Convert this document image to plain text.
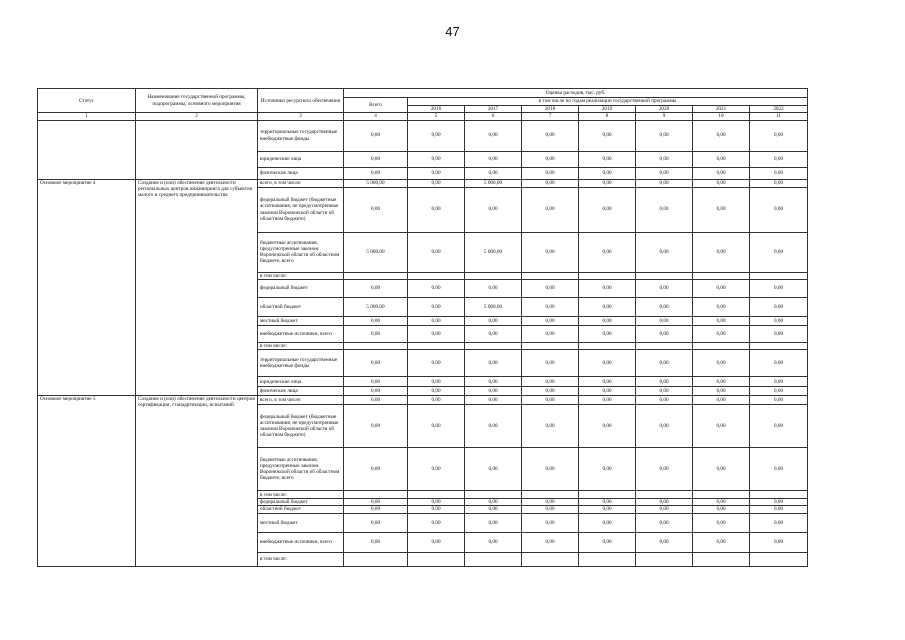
47
Статус	Наименование государственной программы, подпрограммы, основного мероприятия	Источники ресурсного обеспечения	Оценка расходов, тыс. руб.							
			Всего	в том числе по годам реализации государственной программы						
				2016	2017	2018	2019	2020	2021	2022
1	2	3	4	5	6	7	8	9	10	11
		территориальные государственные внебюджетные фонды	0,00	0,00	0,00	0,00	0,00	0,00	0,00	0,00
		юридические лица	0,00	0,00	0,00	0,00	0,00	0,00	0,00	0,00
		физические лица	0,00	0,00	0,00	0,00	0,00	0,00	0,00	0,00
Основное мероприятие 4	Создание и (или) обеспечение деятельности региональных центров инжиниринга для субъектов малого и среднего предпринимательства	всего, в том числе:	5 000,00	0,00	5 000,00	0,00	0,00	0,00	0,00	0,00
		федеральный бюджет (бюджетные ассигнования, не предусмотренные законом Воронежской области об областном бюджете)	0,00	0,00	0,00	0,00	0,00	0,00	0,00	0,00
		бюджетные ассигнования, предусмотренные законом Воронежской области об областном бюджете, всего	5 000,00	0,00	5 000,00	0,00	0,00	0,00	0,00	0,00
		в том числе:								
		федеральный бюджет	0,00	0,00	0,00	0,00	0,00	0,00	0,00	0,00
		областной бюджет	5 000,00	0,00	5 000,00	0,00	0,00	0,00	0,00	0,00
		местный бюджет	0,00	0,00	0,00	0,00	0,00	0,00	0,00	0,00
		внебюджетные источники, всего	0,00	0,00	0,00	0,00	0,00	0,00	0,00	0,00
		в том числе:								
		территориальные государственные внебюджетные фонды	0,00	0,00	0,00	0,00	0,00	0,00	0,00	0,00
		юридические лица	0,00	0,00	0,00	0,00	0,00	0,00	0,00	0,00
		физические лица	0,00	0,00	0,00	0,00	0,00	0,00	0,00	0,00
Основное мероприятие 5	Создание и (или) обеспечение деятельности центров сертификации, стандартизации, испытаний	всего, в том числе:	0,00	0,00	0,00	0,00	0,00	0,00	0,00	0,00
		федеральный бюджет (бюджетные ассигнования, не предусмотренные законом Воронежской области об областном бюджете)	0,00	0,00	0,00	0,00	0,00	0,00	0,00	0,00
		бюджетные ассигнования, предусмотренные законом Воронежской области об областном бюджете, всего	0,00	0,00	0,00	0,00	0,00	0,00	0,00	0,00
		в том числе:								
		федеральный бюджет	0,00	0,00	0,00	0,00	0,00	0,00	0,00	0,00
		областной бюджет	0,00	0,00	0,00	0,00	0,00	0,00	0,00	0,00
		местный бюджет	0,00	0,00	0,00	0,00	0,00	0,00	0,00	0,00
		внебюджетные источники, всего	0,00	0,00	0,00	0,00	0,00	0,00	0,00	0,00
		в том числе:								
